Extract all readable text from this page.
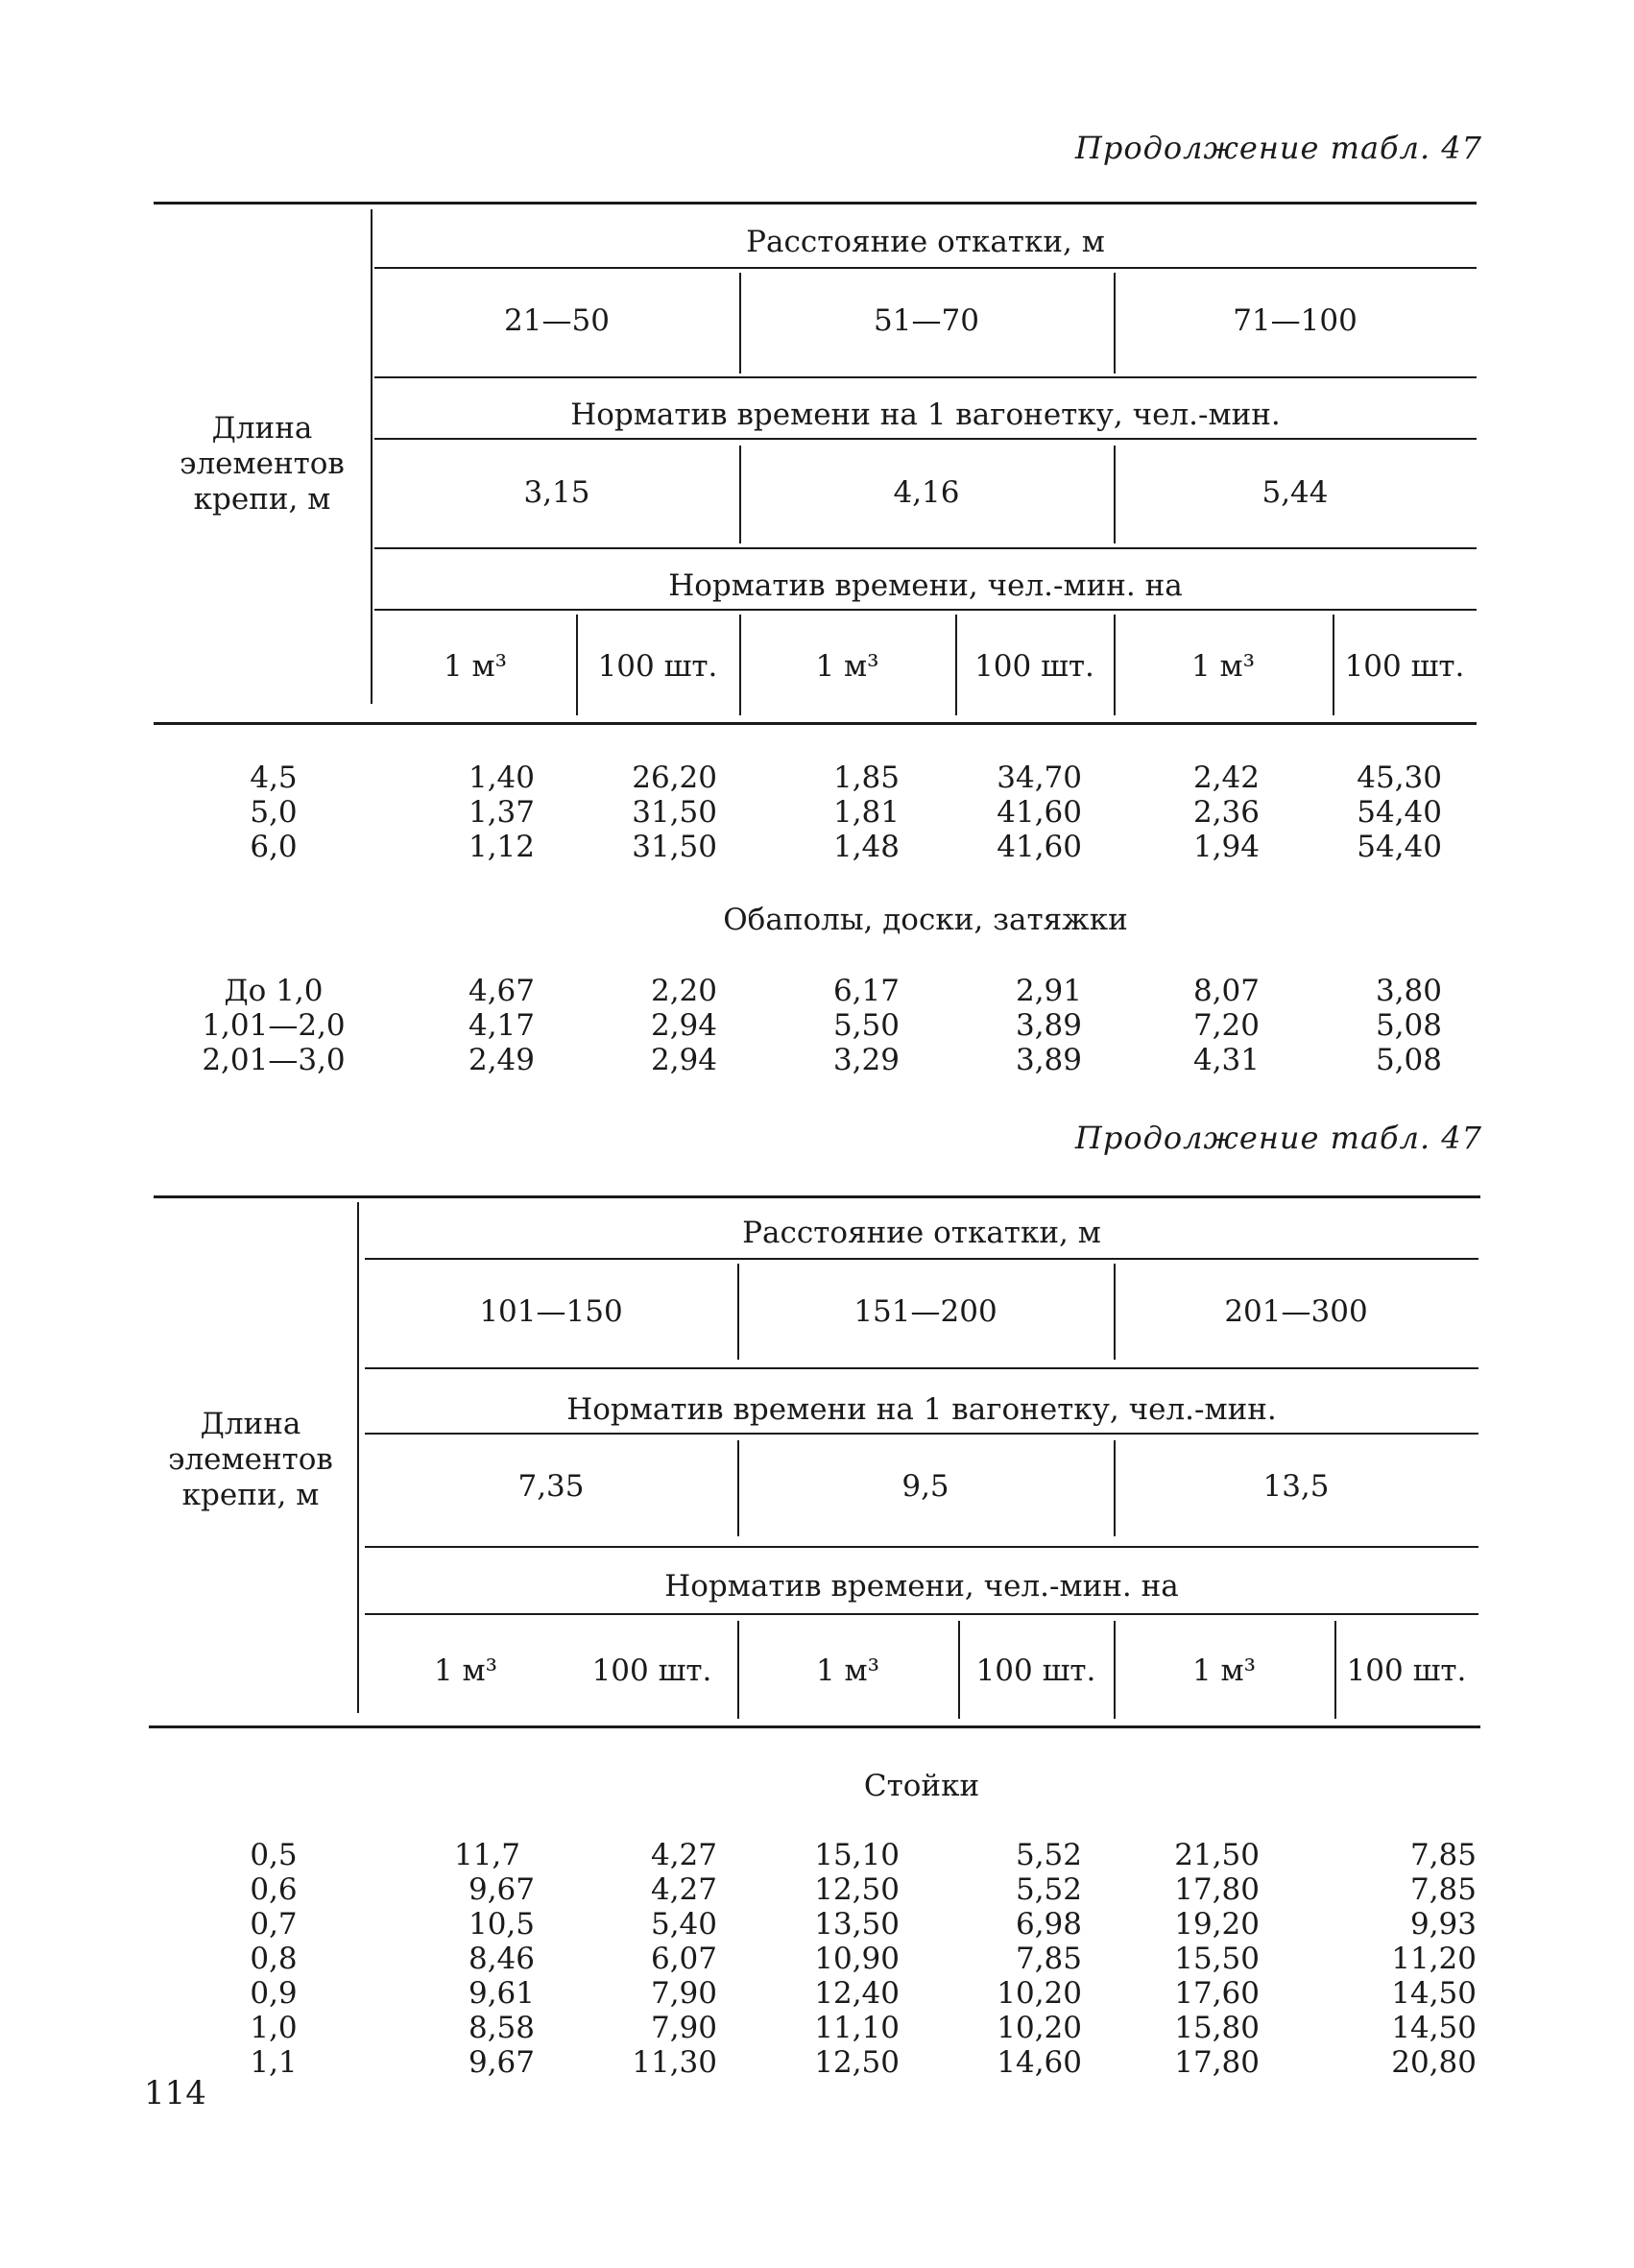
Продолжение табл. 47
Длина элементов крепи, м
Расстояние откатки, м
21—50	51—70	71—100
Норматив времени на 1 вагонетку, чел.-мин.
3,15	4,16	5,44
Норматив времени, чел.-мин. на
1 м³	100 шт.	1 м³	100 шт.	1 м³	100 шт.
4,5	1,40	26,20	1,85	34,70	2,42	45,30
5,0	1,37	31,50	1,81	41,60	2,36	54,40
6,0	1,12	31,50	1,48	41,60	1,94	54,40
Обаполы, доски, затяжки
До 1,0	4,67	2,20	6,17	2,91	8,07	3,80
1,01—2,0	4,17	2,94	5,50	3,89	7,20	5,08
2,01—3,0	2,49	2,94	3,29	3,89	4,31	5,08
Продолжение табл. 47
Длина элементов крепи, м
Расстояние откатки, м
101—150	151—200	201—300
Норматив времени на 1 вагонетку, чел.-мин.
7,35	9,5	13,5
Норматив времени, чел.-мин. на
1 м³	100 шт.	1 м³	100 шт.	1 м³	100 шт.
Стойки
0,5	11,7	4,27	15,10	5,52	21,50	7,85
0,6	9,67	4,27	12,50	5,52	17,80	7,85
0,7	10,5	5,40	13,50	6,98	19,20	9,93
0,8	8,46	6,07	10,90	7,85	15,50	11,20
0,9	9,61	7,90	12,40	10,20	17,60	14,50
1,0	8,58	7,90	11,10	10,20	15,80	14,50
1,1	9,67	11,30	12,50	14,60	17,80	20,80
114
